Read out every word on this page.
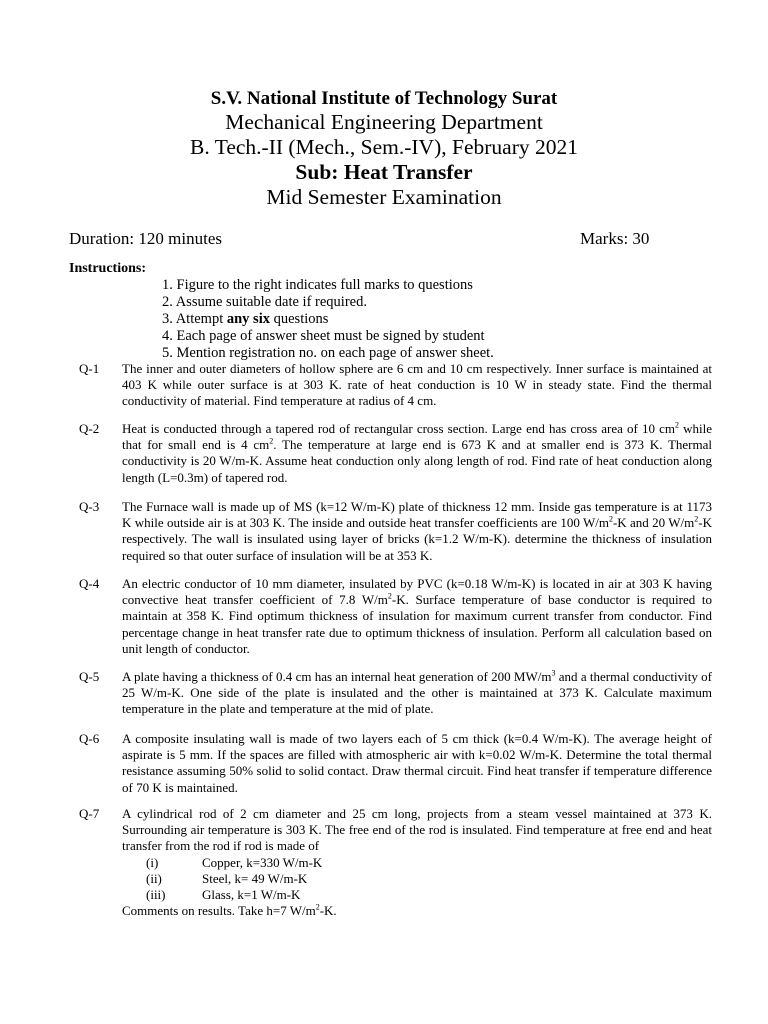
S.V. National Institute of Technology Surat
Mechanical Engineering Department
B. Tech.-II (Mech., Sem.-IV), February 2021
Sub: Heat Transfer
Mid Semester Examination
Duration: 120 minutes	Marks: 30
Instructions:
1. Figure to the right indicates full marks to questions
2. Assume suitable date if required.
3. Attempt any six questions
4. Each page of answer sheet must be signed by student
5. Mention registration no. on each page of answer sheet.
Q-1 The inner and outer diameters of hollow sphere are 6 cm and 10 cm respectively. Inner surface is maintained at 403 K while outer surface is at 303 K. rate of heat conduction is 10 W in steady state. Find the thermal conductivity of material. Find temperature at radius of 4 cm.
Q-2 Heat is conducted through a tapered rod of rectangular cross section. Large end has cross area of 10 $cm^2$ while that for small end is 4 $cm^2$. The temperature at large end is 673 K and at smaller end is 373 K. Thermal conductivity is 20 W/m-K. Assume heat conduction only along length of rod. Find rate of heat conduction along length (L=0.3m) of tapered rod.
Q-3 The Furnace wall is made up of MS (k=12 W/m-K) plate of thickness 12 mm. Inside gas temperature is at 1173 K while outside air is at 303 K. The inside and outside heat transfer coefficients are 100 $W/m^2-K$ and 20 $W/m^2-K$ respectively. The wall is insulated using layer of bricks (k=1.2 W/m-K). determine the thickness of insulation required so that outer surface of insulation will be at 353 K.
Q-4 An electric conductor of 10 mm diameter, insulated by PVC (k=0.18 W/m-K) is located in air at 303 K having convective heat transfer coefficient of 7.8 $W/m^2-K$. Surface temperature of base conductor is required to maintain at 358 K. Find optimum thickness of insulation for maximum current transfer from conductor. Find percentage change in heat transfer rate due to optimum thickness of insulation. Perform all calculation based on unit length of conductor.
Q-5 A plate having a thickness of 0.4 cm has an internal heat generation of 200 $MW/m^3$ and a thermal conductivity of 25 W/m-K. One side of the plate is insulated and the other is maintained at 373 K. Calculate maximum temperature in the plate and temperature at the mid of plate.
Q-6 A composite insulating wall is made of two layers each of 5 cm thick (k=0.4 W/m-K). The average height of aspirate is 5 mm. If the spaces are filled with atmospheric air with k=0.02 W/m-K. Determine the total thermal resistance assuming 50% solid to solid contact. Draw thermal circuit. Find heat transfer if temperature difference of 70 K is maintained.
Q-7 A cylindrical rod of 2 cm diameter and 25 cm long, projects from a steam vessel maintained at 373 K. Surrounding air temperature is 303 K. The free end of the rod is insulated. Find temperature at free end and heat transfer from the rod if rod is made of

(i)	Copper, k=330 W/m-K
(ii)	Steel, k= 49 W/m-K
(iii)	Glass, k=1 W/m-K

Comments on results. Take h=7 $W/m^2-K$.
